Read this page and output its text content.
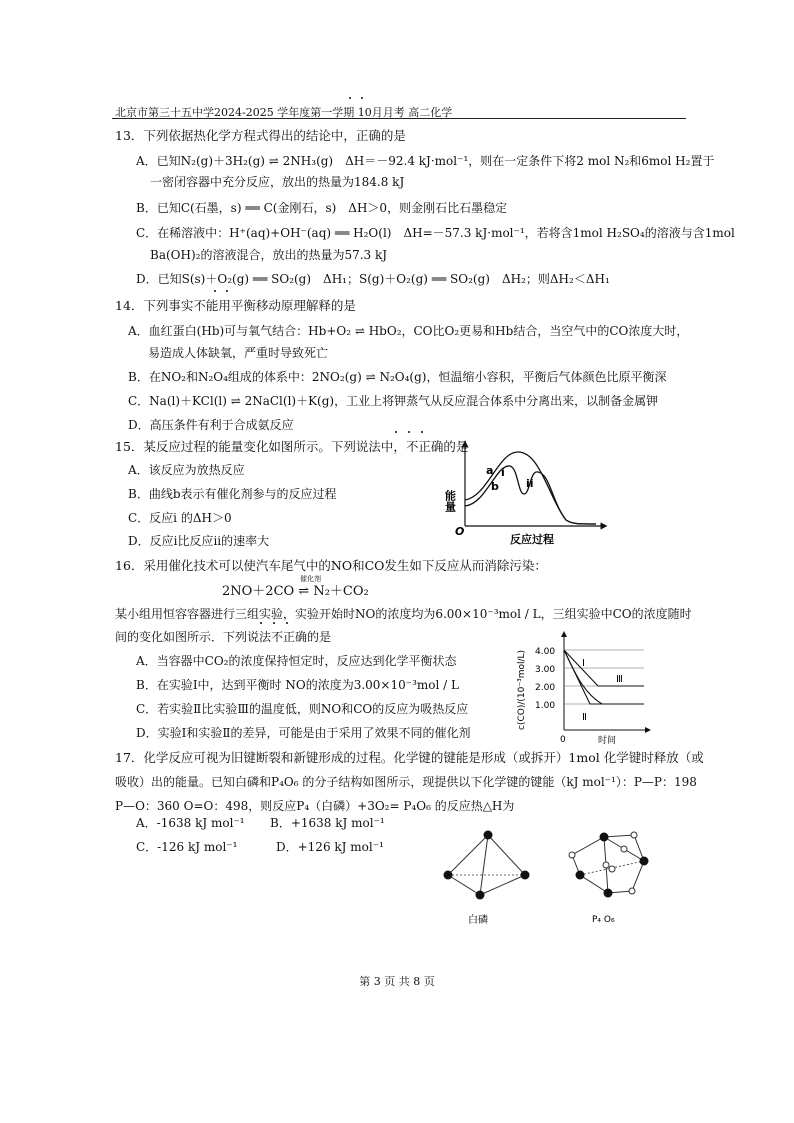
北京市第三十五中学2024-2025 学年度第一学期 10月月考 高二化学
13．下列依据热化学方程式得出的结论中，正确的是
A．已知N₂(g)＋3H₂(g) ⇌ 2NH₃(g)　ΔH＝－92.4 kJ·mol⁻¹，则在一定条件下将2 mol N₂和6mol H₂置于
一密闭容器中充分反应，放出的热量为184.8 kJ
B．已知C(石墨，s) ══ C(金刚石，s)　ΔH＞0，则金刚石比石墨稳定
C．在稀溶液中：H⁺(aq)+OH⁻(aq) ══ H₂O(l)　ΔH=－57.3 kJ·mol⁻¹，若将含1mol H₂SO₄的溶液与含1mol
Ba(OH)₂的溶液混合，放出的热量为57.3 kJ
D．已知S(s)＋O₂(g) ══ SO₂(g)　ΔH₁；S(g)＋O₂(g) ══ SO₂(g)　ΔH₂；则ΔH₂＜ΔH₁
14．下列事实不能用平衡移动原理解释的是
A．血红蛋白(Hb)可与氧气结合：Hb+O₂ ⇌ HbO₂，CO比O₂更易和Hb结合，当空气中的CO浓度大时，
易造成人体缺氧，严重时导致死亡
B．在NO₂和N₂O₄组成的体系中：2NO₂(g) ⇌ N₂O₄(g)，恒温缩小容积，平衡后气体颜色比原平衡深
C．Na(l)＋KCl(l) ⇌ 2NaCl(l)＋K(g)，工业上将钾蒸气从反应混合体系中分离出来，以制备金属钾
D．高压条件有利于合成氨反应
15．某反应过程的能量变化如图所示。下列说法中，不正确的是
A．该反应为放热反应
B．曲线b表示有催化剂参与的反应过程
C．反应i 的ΔH＞0
D．反应i比反应ii的速率大
能量
反应过程
O
a
b
i
ii
16．采用催化技术可以使汽车尾气中的NO和CO发生如下反应从而消除污染：
2NO＋2CO ⇌ N₂＋CO₂
催化剂
某小组用恒容容器进行三组实验，实验开始时NO的浓度均为6.00×10⁻³mol / L，三组实验中CO的浓度随时
间的变化如图所示．下列说法不正确的是
A．当容器中CO₂的浓度保持恒定时，反应达到化学平衡状态
B．在实验Ⅰ中，达到平衡时 NO的浓度为3.00×10⁻³mol / L
C．若实验Ⅱ比实验Ⅲ的温度低，则NO和CO的反应为吸热反应
D．实验Ⅰ和实验Ⅱ的差异，可能是由于采用了效果不同的催化剂
4.00
3.00
2.00
1.00
Ⅰ
Ⅱ
Ⅲ
0	时间
c(CO)/(10⁻³mol/L)
17．化学反应可视为旧键断裂和新键形成的过程。化学键的键能是形成（或拆开）1mol 化学键时释放（或
吸收）出的能量。已知白磷和P₄O₆ 的分子结构如图所示，现提供以下化学键的键能（kJ mol⁻¹）：P—P：198
P—O：360 O=O：498，则反应P₄（白磷）+3O₂= P₄O₆ 的反应热△H为
A．-1638 kJ mol⁻¹ B．+1638 kJ mol⁻¹
C．-126 kJ mol⁻¹	D．+126 kJ mol⁻¹
白磷	P₄ O₆
第 3 页 共 8 页
